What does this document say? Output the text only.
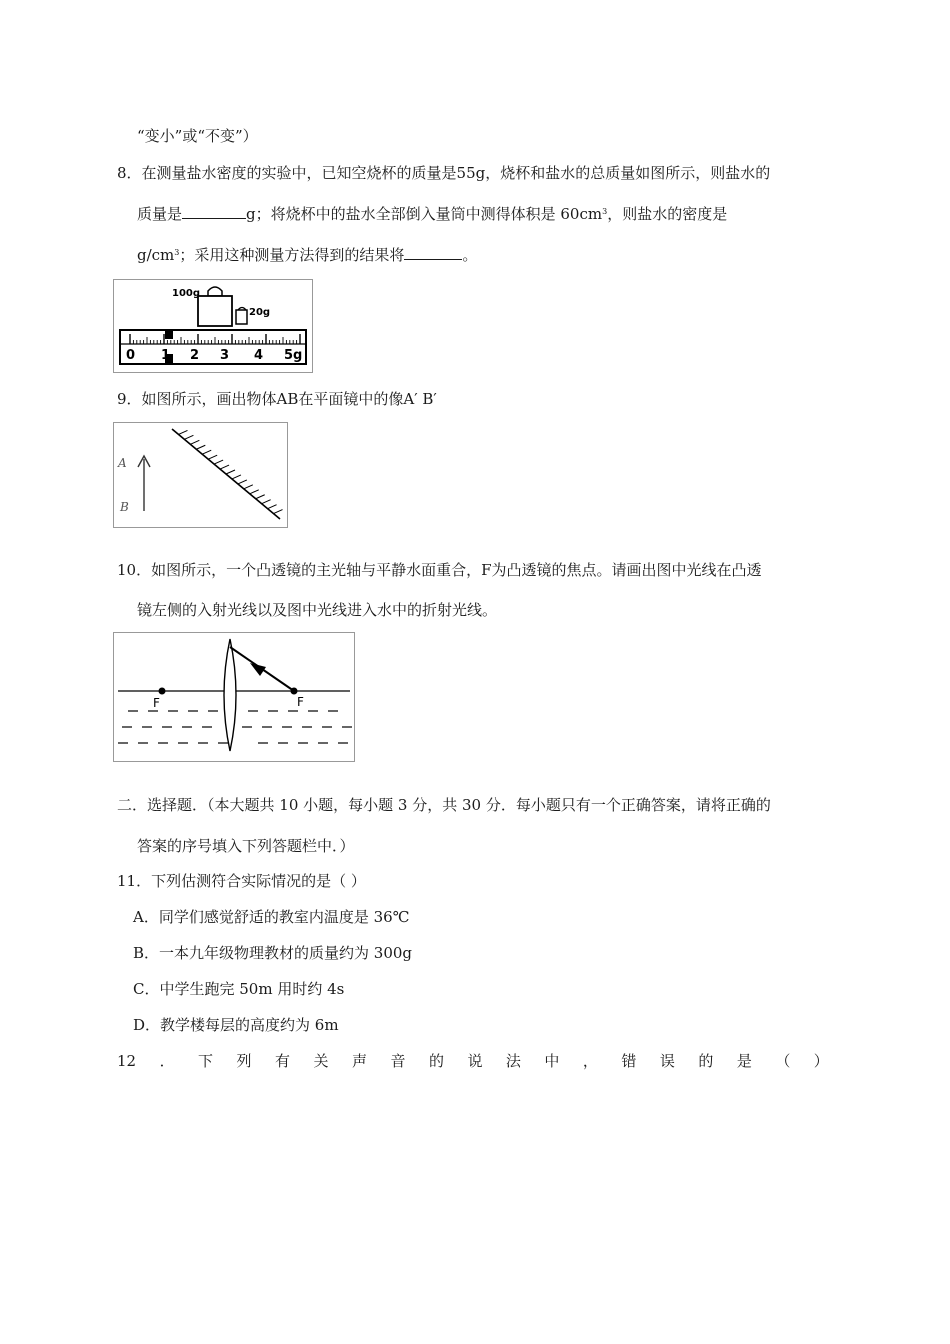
“变小”或“不变”）
8．在测量盐水密度的实验中，已知空烧杯的质量是55g，烧杯和盐水的总质量如图所示，则盐水的
质量是	g；将烧杯中的盐水全部倒入量筒中测得体积是 $60cm^3$，则盐水的密度是
$g/cm^3$；采用这种测量方法得到的结果将	。
100g
20g
0 1 2 3 4 5g
9．如图所示，画出物体AB在平面镜中的像A′ B′
A
B
10．如图所示，一个凸透镜的主光轴与平静水面重合，F为凸透镜的焦点。请画出图中光线在凸透
镜左侧的入射光线以及图中光线进入水中的折射光线。
F	F
二．选择题．（本大题共 10 小题，每小题 3 分，共 30 分．每小题只有一个正确答案，请将正确的
答案的序号填入下列答题栏中．）
11．下列估测符合实际情况的是（ ）
A．同学们感觉舒适的教室内温度是 36℃
B．一本九年级物理教材的质量约为 300g
C．中学生跑完 50m 用时约 4s
D．教学楼每层的高度约为 6m
12 ． 下 列 有 关 声 音 的 说 法 中 ， 错 误 的 是 （ ）
